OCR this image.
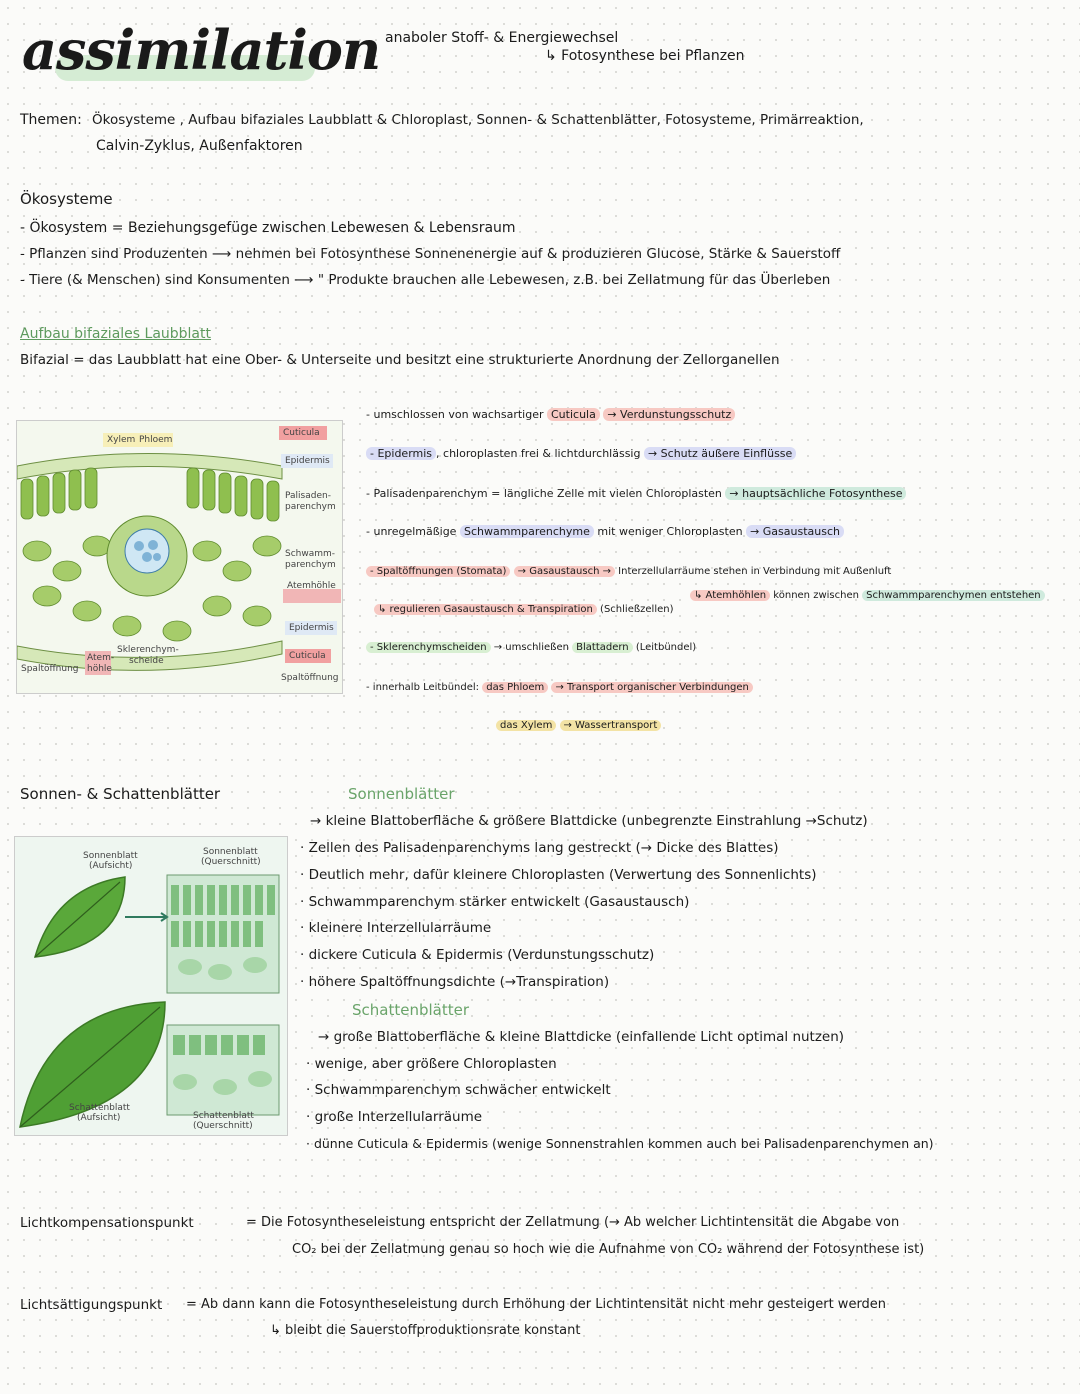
assimilation anaboler Stoff- & Energiewechsel
↳ Fotosynthese bei Pflanzen
Themen: Ökosysteme , Aufbau bifaziales Laubblatt & Chloroplast, Sonnen- & Schattenblätter, Fotosysteme, Primärreaktion,
Calvin-Zyklus, Außenfaktoren
Ökosysteme
- Ökosystem = Beziehungsgefüge zwischen Lebewesen & Lebensraum
- Pflanzen sind Produzenten ⟶ nehmen bei Fotosynthese Sonnenenergie auf & produzieren Glucose, Stärke & Sauerstoff
- Tiere (& Menschen) sind Konsumenten ⟶ " Produkte brauchen alle Lebewesen, z.B. bei Zellatmung für das Überleben
Aufbau bifaziales Laubblatt
Bifazial = das Laubblatt hat eine Ober- & Unterseite und besitzt eine strukturierte Anordnung der Zellorganellen
Xylem Phloem
Cuticula
Epidermis
Palisaden-
parenchym
Schwamm-
parenchym
Atemhöhle
Epidermis
Cuticula
Spaltöffnung
Sklerenchym-
scheide
Atem-
höhle
Spaltöffnung
- umschlossen von wachsartiger Cuticula → Verdunstungsschutz
- Epidermis , chloroplasten frei & lichtdurchlässig → Schutz äußere Einflüsse
- Palisadenparenchym = längliche Zelle mit vielen Chloroplasten → hauptsächliche Fotosynthese
- unregelmäßige Schwammparenchyme mit weniger Chloroplasten → Gasaustausch
- Spaltöffnungen (Stomata) → Gasaustausch → Interzellularräume stehen in Verbindung mit Außenluft
↳ Atemhöhlen können zwischen Schwammparenchymen entstehen
↳ regulieren Gasaustausch & Transpiration (Schließzellen)
- Sklerenchymscheiden → umschließen Blattadern (Leitbündel)
- innerhalb Leitbündel: das Phloem → Transport organischer Verbindungen
das Xylem → Wassertransport
Sonnen- & Schattenblätter
Sonnenblatt
(Aufsicht)
Sonnenblatt
(Querschnitt)
Schattenblatt
(Aufsicht)	Schattenblatt
(Querschnitt)
Sonnenblätter
→ kleine Blattoberfläche & größere Blattdicke (unbegrenzte Einstrahlung →Schutz)
· Zellen des Palisadenparenchyms lang gestreckt (→ Dicke des Blattes)
· Deutlich mehr, dafür kleinere Chloroplasten (Verwertung des Sonnenlichts)
· Schwammparenchym stärker entwickelt (Gasaustausch)
· kleinere Interzellularräume
· dickere Cuticula & Epidermis (Verdunstungsschutz)
· höhere Spaltöffnungsdichte (→Transpiration)
Schattenblätter
→ große Blattoberfläche & kleine Blattdicke (einfallende Licht optimal nutzen)
· wenige, aber größere Chloroplasten
· Schwammparenchym schwächer entwickelt
· große Interzellularräume
· dünne Cuticula & Epidermis (wenige Sonnenstrahlen kommen auch bei Palisadenparenchymen an)
Lichtkompensationspunkt	= Die Fotosyntheseleistung entspricht der Zellatmung (→ Ab welcher Lichtintensität die Abgabe von
CO₂ bei der Zellatmung genau so hoch wie die Aufnahme von CO₂ während der Fotosynthese ist)
Lichtsättigungspunkt = Ab dann kann die Fotosyntheseleistung durch Erhöhung der Lichtintensität nicht mehr gesteigert werden
↳ bleibt die Sauerstoffproduktionsrate konstant
